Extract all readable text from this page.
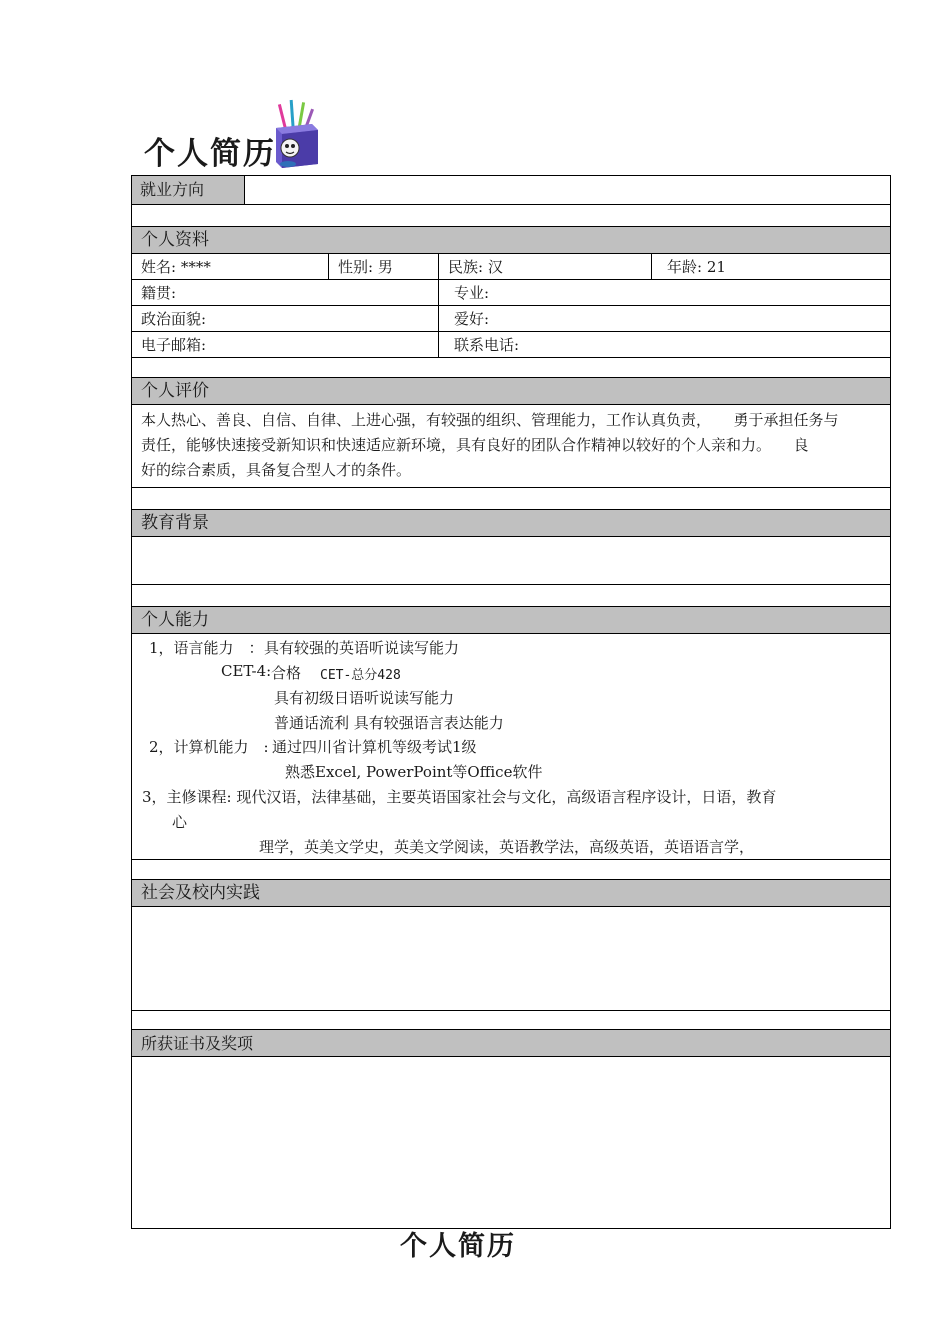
个人简历
就业方向
个人资料
姓名: ****	性别: 男	民族: 汉	年龄: 21
籍贯:	专业:
政治面貌:	爱好:
电子邮箱:	联系电话:
个人评价

本人热心、善良、自信、自律、上进心强，有较强的组织、管理能力，工作认真负责，　　勇于承担任务与

责任，能够快速接受新知识和快速适应新环境，具有良好的团队合作精神以较好的个人亲和力。　　良

好的综合素质，具备复合型人才的条件。

教育背景
个人能力
1，语言能力　： 具有较强的英语听说读写能力
CET-4: 合格 CET-总分428
具有初级日语听说读写能力
普通话流利 具有较强语言表达能力
2，计算机能力　: 通过四川省计算机等级考试1级
熟悉Excel, PowerPoint等Office软件
3，主修课程: 现代汉语，法律基础，主要英语国家社会与文化，高级语言程序设计，日语，教育
心
理学，英美文学史，英美文学阅读，英语教学法，高级英语，英语语言学，
社会及校内实践
所获证书及奖项
个人简历
